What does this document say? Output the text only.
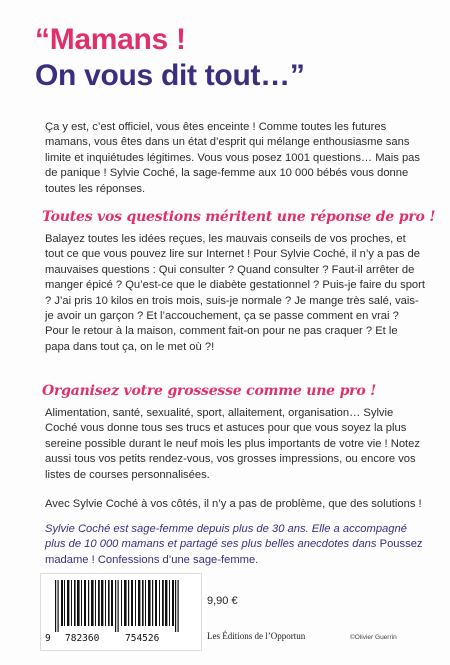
“Mamans !
On vous dit tout…”
Ça y est, c’est officiel, vous êtes enceinte ! Comme toutes les futures mamans, vous êtes dans un état d’esprit qui mélange enthousiasme sans limite et inquiétudes légitimes. Vous vous posez 1001 questions… Mais pas de panique ! Sylvie Coché, la sage-femme aux 10 000 bébés vous donne toutes les réponses.
Toutes vos questions méritent une réponse de pro !
Balayez toutes les idées reçues, les mauvais conseils de vos proches, et tout ce que vous pouvez lire sur Internet ! Pour Sylvie Coché, il n’y a pas de mauvaises questions : Qui consulter ? Quand consulter ? Faut-il arrêter de manger épicé ? Qu’est-ce que le diabète gestationnel ? Puis-je faire du sport ? J’ai pris 10 kilos en trois mois, suis-je normale ? Je mange très salé, vais-je avoir un garçon ? Et l’accouchement, ça se passe comment en vrai ? Pour le retour à la maison, comment fait-on pour ne pas craquer ? Et le papa dans tout ça, on le met où ?!
Organisez votre grossesse comme une pro !
Alimentation, santé, sexualité, sport, allaitement, organisation… Sylvie Coché vous donne tous ses trucs et astuces pour que vous soyez la plus sereine possible durant le neuf mois les plus importants de votre vie ! Notez aussi tous vos petits rendez-vous, vos grosses impressions, ou encore vos listes de courses personnalisées.
Avec Sylvie Coché à vos côtés, il n’y a pas de problème, que des solutions !
Sylvie Coché est sage-femme depuis plus de 30 ans. Elle a accompagné plus de 10 000 mamans et partagé ses plus belles anecdotes dans Poussez madame ! Confessions d’une sage-femme.
9 782360	754526
9,90 €
Les Éditions de l’Opportun	©Olivier Guerrin
